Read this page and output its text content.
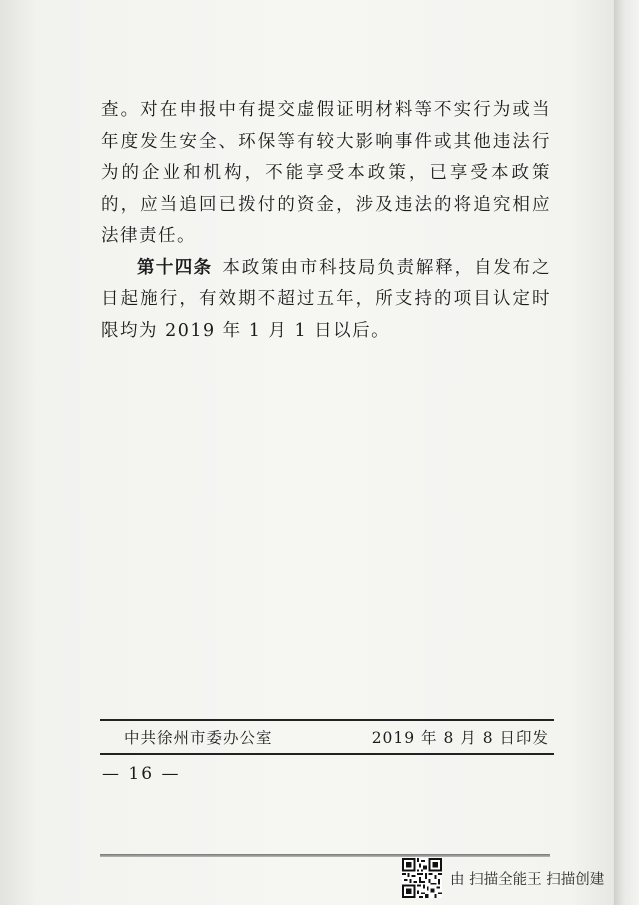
查。对在申报中有提交虚假证明材料等不实行为或当年度发生安全、环保等有较大影响事件或其他违法行为的企业和机构，不能享受本政策，已享受本政策的，应当追回已拨付的资金，涉及违法的将追究相应法律责任。

第十四条 本政策由市科技局负责解释，自发布之日起施行，有效期不超过五年，所支持的项目认定时限均为 2019 年 1 月 1 日以后。

中共徐州市委办公室	2019 年 8 月 8 日印发
— 16 —
由 扫描全能王 扫描创建
